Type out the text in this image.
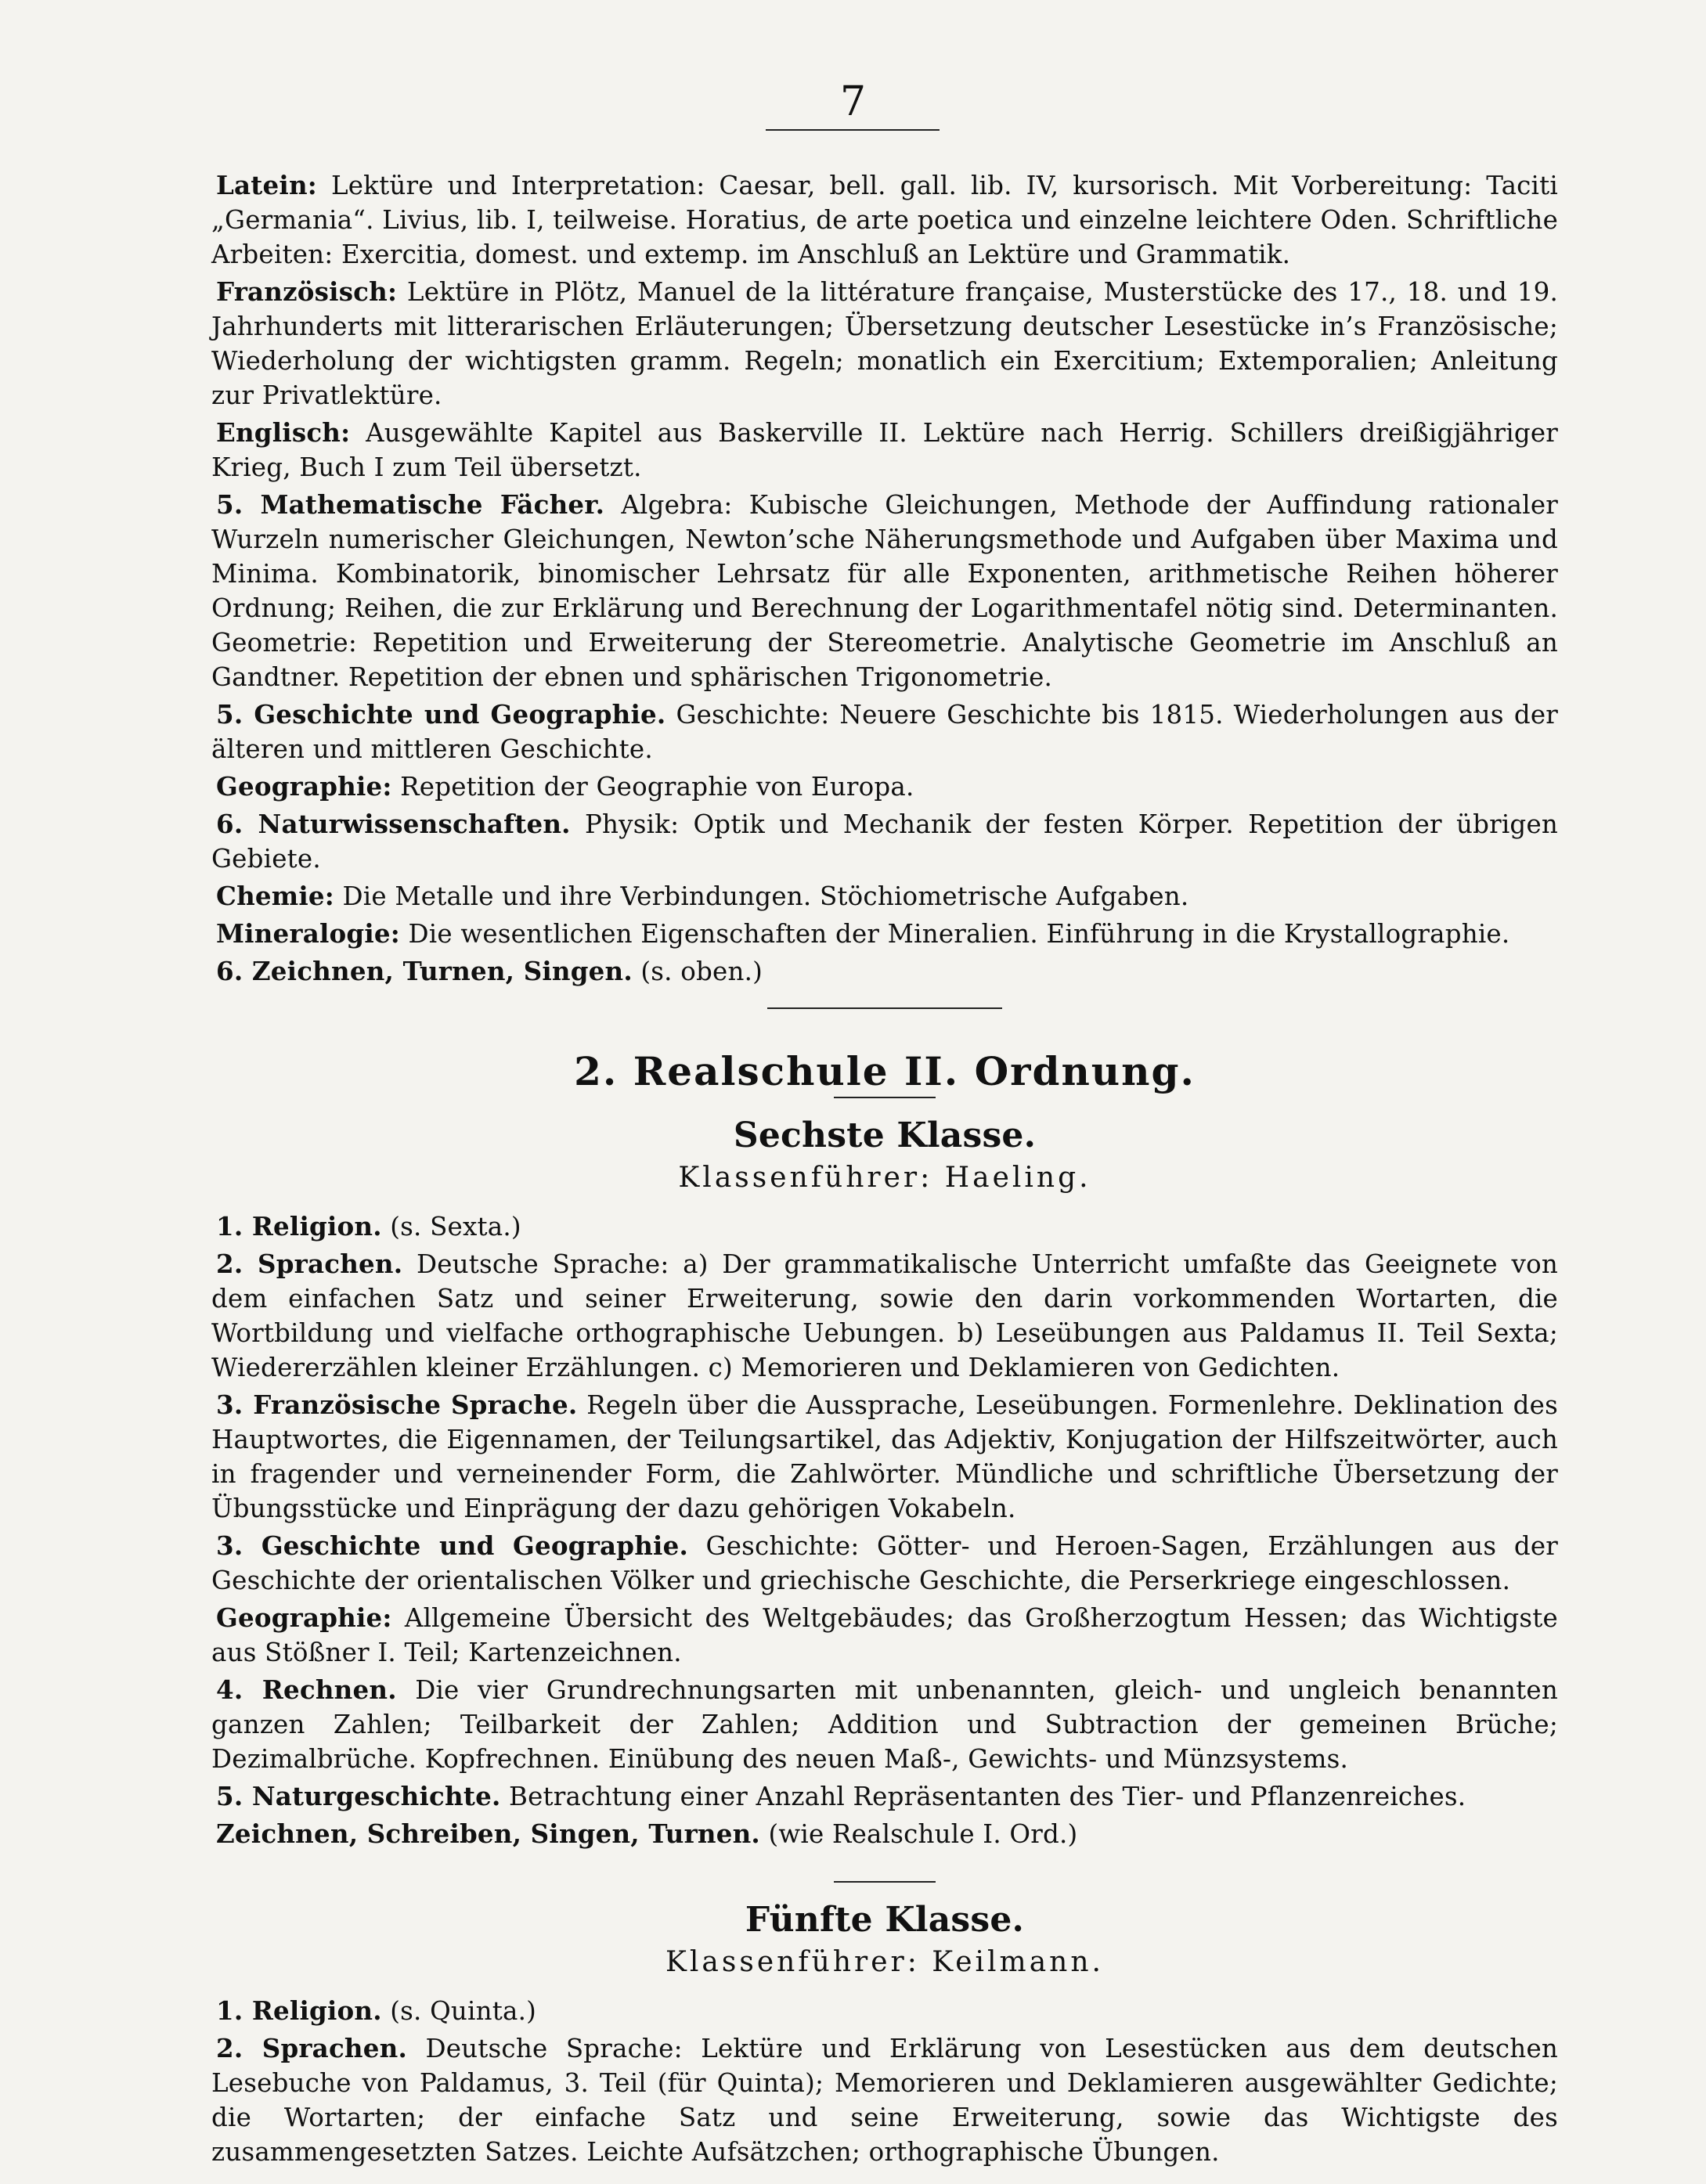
7

Latein: Lektüre und Interpretation: Caesar, bell. gall. lib. IV, kursorisch. Mit Vorbereitung: Taciti „Germania“. Livius, lib. I, teilweise. Horatius, de arte poetica und einzelne leichtere Oden. Schriftliche Arbeiten: Exercitia, domest. und extemp. im Anschluß an Lektüre und Grammatik.

Französisch: Lektüre in Plötz, Manuel de la littérature française, Musterstücke des 17., 18. und 19. Jahrhunderts mit litterarischen Erläuterungen; Übersetzung deutscher Lesestücke in’s Französische; Wiederholung der wichtigsten gramm. Regeln; monatlich ein Exercitium; Extemporalien; Anleitung zur Privatlektüre.

Englisch: Ausgewählte Kapitel aus Baskerville II. Lektüre nach Herrig. Schillers dreißigjähriger Krieg, Buch I zum Teil übersetzt.

5. Mathematische Fächer. Algebra: Kubische Gleichungen, Methode der Auffindung rationaler Wurzeln numerischer Gleichungen, Newton’sche Näherungsmethode und Aufgaben über Maxima und Minima. Kombinatorik, binomischer Lehrsatz für alle Exponenten, arithmetische Reihen höherer Ordnung; Reihen, die zur Erklärung und Berechnung der Logarithmentafel nötig sind. Determinanten. Geometrie: Repetition und Erweiterung der Stereometrie. Analytische Geometrie im Anschluß an Gandtner. Repetition der ebnen und sphärischen Trigonometrie.

5. Geschichte und Geographie. Geschichte: Neuere Geschichte bis 1815. Wiederholungen aus der älteren und mittleren Geschichte.

Geographie: Repetition der Geographie von Europa.

6. Naturwissenschaften. Physik: Optik und Mechanik der festen Körper. Repetition der übrigen Gebiete.

Chemie: Die Metalle und ihre Verbindungen. Stöchiometrische Aufgaben.

Mineralogie: Die wesentlichen Eigenschaften der Mineralien. Einführung in die Krystallographie.

6. Zeichnen, Turnen, Singen. (s. oben.)

2. Realschule II. Ordnung.

Sechste Klasse.

Klassenführer: Haeling.

1. Religion. (s. Sexta.)

2. Sprachen. Deutsche Sprache: a) Der grammatikalische Unterricht umfaßte das Geeignete von dem einfachen Satz und seiner Erweiterung, sowie den darin vorkommenden Wortarten, die Wortbildung und vielfache orthographische Uebungen. b) Leseübungen aus Paldamus II. Teil Sexta; Wiedererzählen kleiner Erzählungen. c) Memorieren und Deklamieren von Gedichten.

3. Französische Sprache. Regeln über die Aussprache, Leseübungen. Formenlehre. Deklination des Hauptwortes, die Eigennamen, der Teilungsartikel, das Adjektiv, Konjugation der Hilfszeitwörter, auch in fragender und verneinender Form, die Zahlwörter. Mündliche und schriftliche Übersetzung der Übungsstücke und Einprägung der dazu gehörigen Vokabeln.

3. Geschichte und Geographie. Geschichte: Götter- und Heroen-Sagen, Erzählungen aus der Geschichte der orientalischen Völker und griechische Geschichte, die Perserkriege eingeschlossen.

Geographie: Allgemeine Übersicht des Weltgebäudes; das Großherzogtum Hessen; das Wichtigste aus Stößner I. Teil; Kartenzeichnen.

4. Rechnen. Die vier Grundrechnungsarten mit unbenannten, gleich- und ungleich benannten ganzen Zahlen; Teilbarkeit der Zahlen; Addition und Subtraction der gemeinen Brüche; Dezimalbrüche. Kopfrechnen. Einübung des neuen Maß-, Gewichts- und Münzsystems.

5. Naturgeschichte. Betrachtung einer Anzahl Repräsentanten des Tier- und Pflanzenreiches.

Zeichnen, Schreiben, Singen, Turnen. (wie Realschule I. Ord.)

Fünfte Klasse.

Klassenführer: Keilmann.

1. Religion. (s. Quinta.)

2. Sprachen. Deutsche Sprache: Lektüre und Erklärung von Lesestücken aus dem deutschen Lesebuche von Paldamus, 3. Teil (für Quinta); Memorieren und Deklamieren ausgewählter Gedichte; die Wortarten; der einfache Satz und seine Erweiterung, sowie das Wichtigste des zusammengesetzten Satzes. Leichte Aufsätzchen; orthographische Übungen.
